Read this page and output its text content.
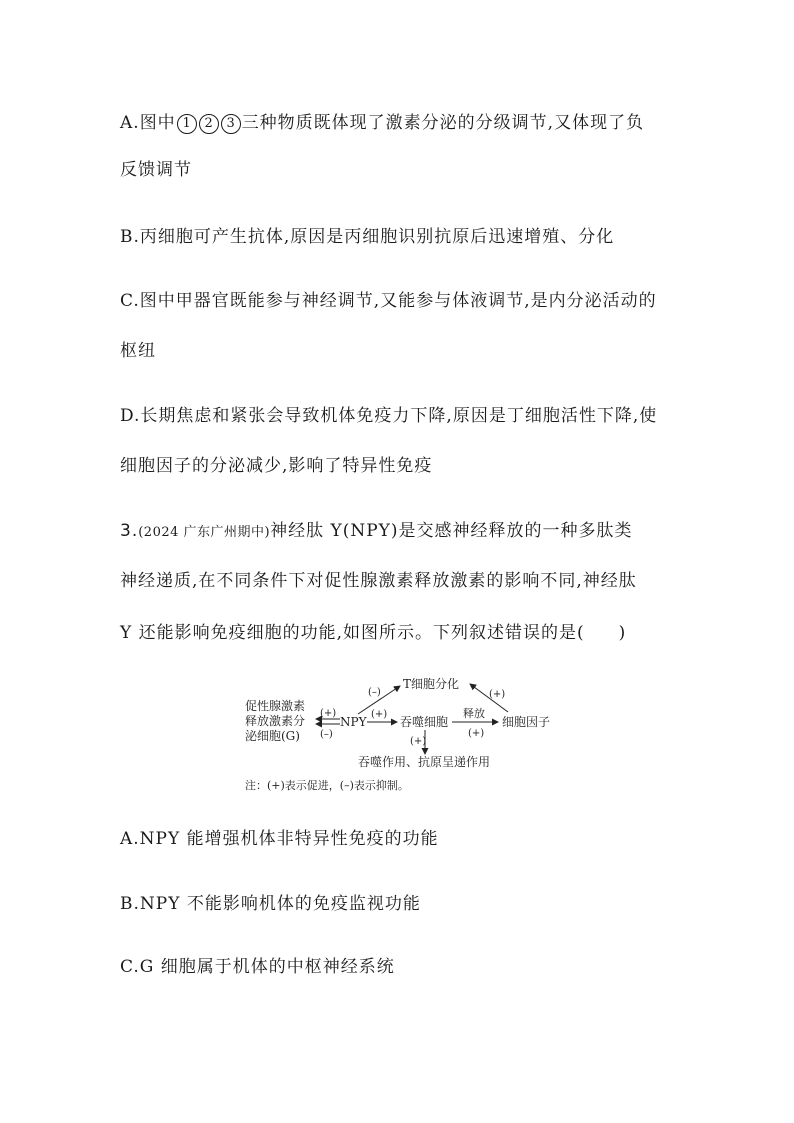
A.图中 1 2 3 三种物质既体现了激素分泌的分级调节,又体现了负

反馈调节

B.丙细胞可产生抗体,原因是丙细胞识别抗原后迅速增殖、分化

C.图中甲器官既能参与神经调节,又能参与体液调节,是内分泌活动的

枢纽

D.长期焦虑和紧张会导致机体免疫力下降,原因是丁细胞活性下降,使

细胞因子的分泌减少,影响了特异性免疫

3.(2024 广东广州期中)神经肽 Y(NPY)是交感神经释放的一种多肽类

神经递质,在不同条件下对促性腺激素释放激素的影响不同,神经肽

Y 还能影响免疫细胞的功能,如图所示。下列叙述错误的是( )

促性腺激素
释放激素分
泌细胞(G)
(+)
(–)
NPY
(–)
T细胞分化
(+)
吞噬细胞
释放
(+)
细胞因子
(+)
(+)
吞噬作用、抗原呈递作用
注：(+)表示促进，(–)表示抑制。

A.NPY 能增强机体非特异性免疫的功能

B.NPY 不能影响机体的免疫监视功能

C.G 细胞属于机体的中枢神经系统
